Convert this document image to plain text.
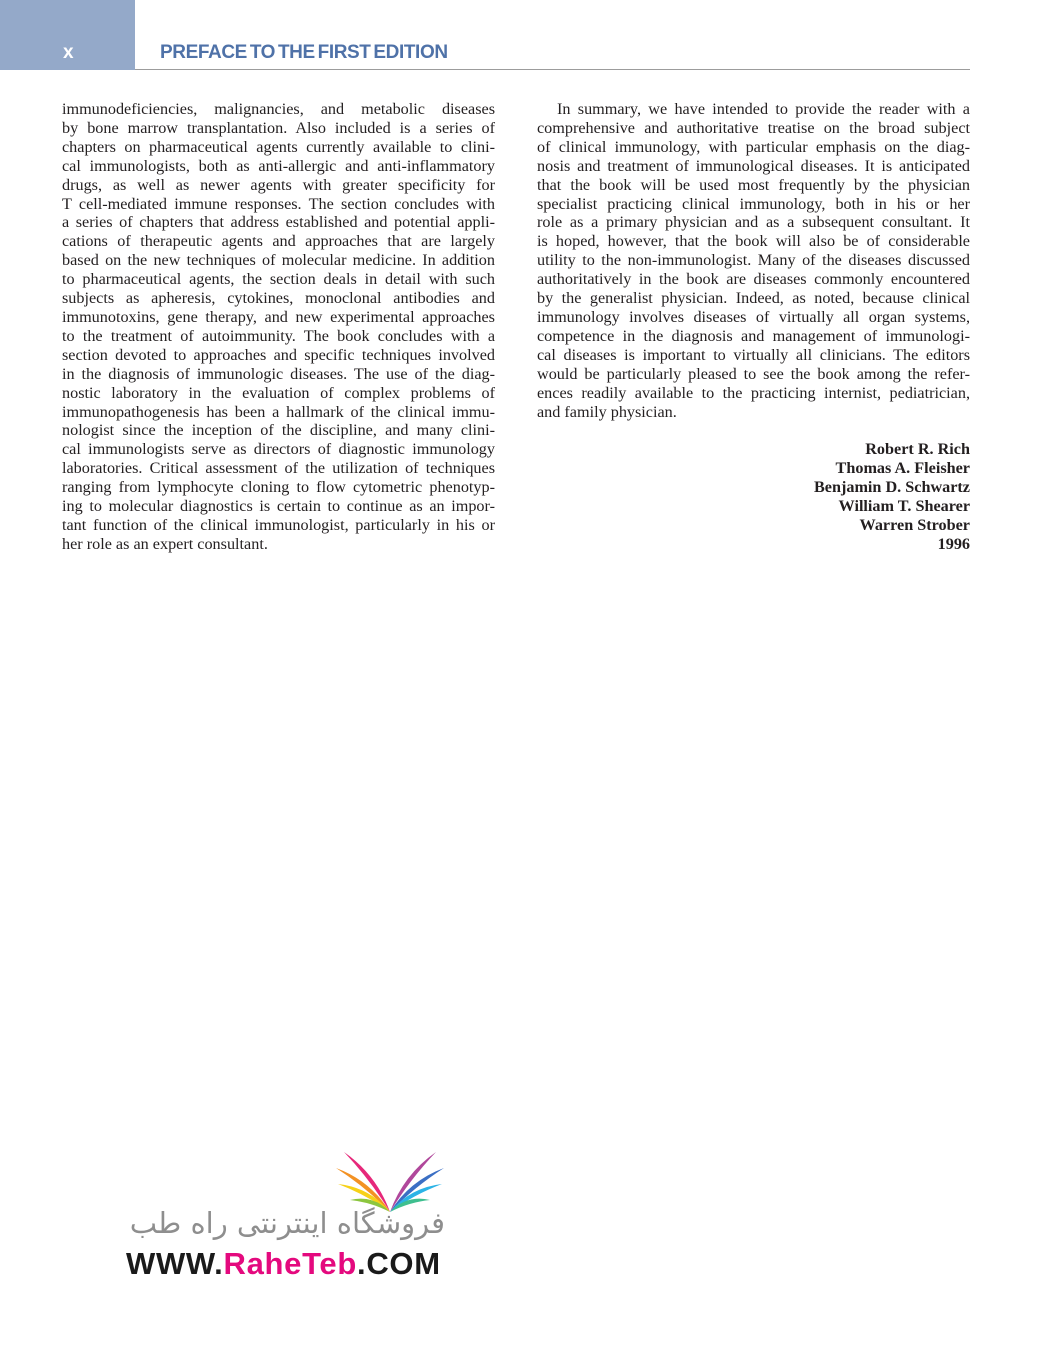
x	PREFACE TO THE FIRST EDITION
immunodeficiencies, malignancies, and metabolic diseases
by bone marrow transplantation. Also included is a series of
chapters on pharmaceutical agents currently available to clini-
cal immunologists, both as anti-allergic and anti-inflammatory
drugs, as well as newer agents with greater specificity for
T cell-mediated immune responses. The section concludes with
a series of chapters that address established and potential appli-
cations of therapeutic agents and approaches that are largely
based on the new techniques of molecular medicine. In addition
to pharmaceutical agents, the section deals in detail with such
subjects as apheresis, cytokines, monoclonal antibodies and
immunotoxins, gene therapy, and new experimental approaches
to the treatment of autoimmunity. The book concludes with a
section devoted to approaches and specific techniques involved
in the diagnosis of immunologic diseases. The use of the diag-
nostic laboratory in the evaluation of complex problems of
immunopathogenesis has been a hallmark of the clinical immu-
nologist since the inception of the discipline, and many clini-
cal immunologists serve as directors of diagnostic immunology
laboratories. Critical assessment of the utilization of techniques
ranging from lymphocyte cloning to flow cytometric phenotyp-
ing to molecular diagnostics is certain to continue as an impor-
tant function of the clinical immunologist, particularly in his or
her role as an expert consultant.
In summary, we have intended to provide the reader with a
comprehensive and authoritative treatise on the broad subject
of clinical immunology, with particular emphasis on the diag-
nosis and treatment of immunological diseases. It is anticipated
that the book will be used most frequently by the physician
specialist practicing clinical immunology, both in his or her
role as a primary physician and as a subsequent consultant. It
is hoped, however, that the book will also be of considerable
utility to the non-immunologist. Many of the diseases discussed
authoritatively in the book are diseases commonly encountered
by the generalist physician. Indeed, as noted, because clinical
immunology involves diseases of virtually all organ systems,
competence in the diagnosis and management of immunologi-
cal diseases is important to virtually all clinicians. The editors
would be particularly pleased to see the book among the refer-
ences readily available to the practicing internist, pediatrician,
and family physician.
Robert R. Rich
Thomas A. Fleisher
Benjamin D. Schwartz
William T. Shearer
Warren Strober
1996
فروشگاه اینترنتی راه طب
WWW.RaheTeb.COM
